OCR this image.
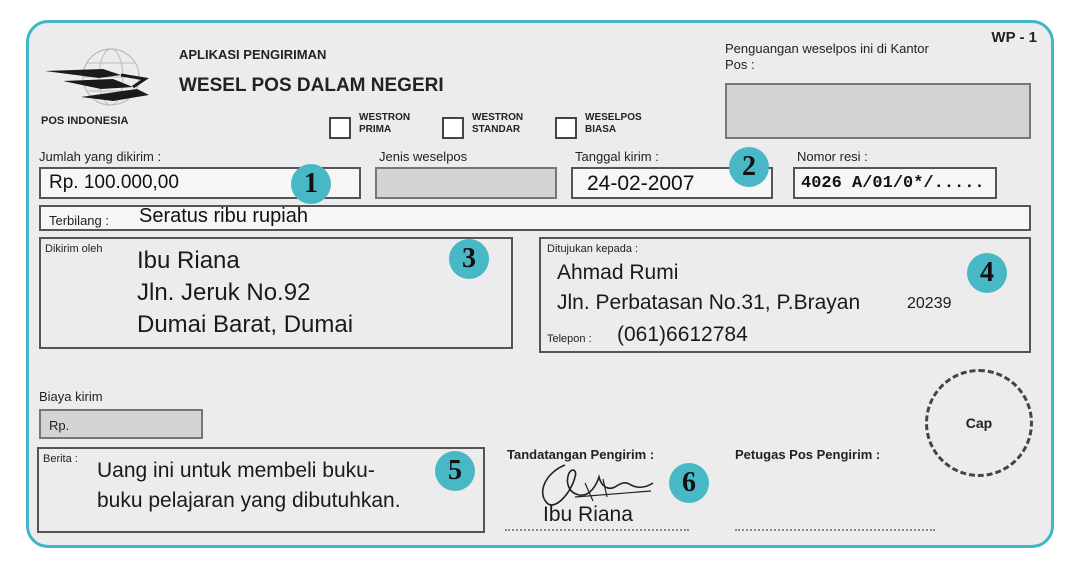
WP - 1
POS INDONESIA
APLIKASI PENGIRIMAN
WESEL POS DALAM NEGERI
WESTRON PRIMA
WESTRON STANDAR
WESELPOS BIASA
Penguangan weselpos ini di Kantor Pos :
Jumlah yang dikirim :
Rp. 100.000,00	1
Jenis weselpos	Tanggal kirim :
24-02-2007
2	Nomor resi :
4026 A/01/0*/.....
Terbilang : Seratus ribu rupiah
Dikirim oleh Ibu Riana
Jln. Jeruk No.92
Dumai Barat, Dumai
3	Ditujukan kepada :
Ahmad Rumi
Jln. Perbatasan No.31, P.Brayan	20239
Telepon : (061)6612784
4
Biaya kirim
Rp.
Berita : Uang ini untuk membeli buku-
buku pelajaran yang dibutuhkan.
5
Tandatangan Pengirim :
Ibu Riana
6
Petugas Pos Pengirim :
Cap
